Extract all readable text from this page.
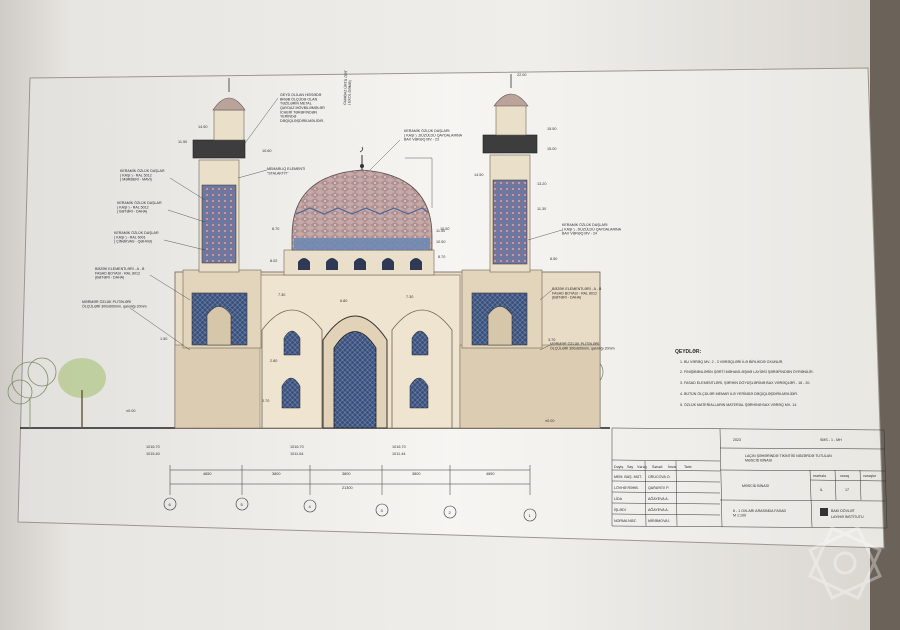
GEYD OLİLAN HİSSƏDƏ BRƏB ÖLÇÜDƏ OLAN TƏZİLƏRİN METAL QAYDAZ MÖVBİLƏMƏLƏR İCHERİ TƏRƏFİNDƏN YERİNDƏ DƏQİQLƏŞDİRİLMƏLİDİR.
GUMBAZ ÜRTÜ ÖRT( EKOL DƏMƏ)
MEMARLIQ ELEMENTİ "STALAKTİT"
KERAMİK ÖZLÜK DAŞLARI ( KAŞI ) ,DÜZÜLDÜ QAYDALARINA BAX VƏRƏQ MV - 23
KERAMİK ÖZLÜK DAŞLAR ( KAŞI ) - RAL 5012 ( MƏRBERİ - MAVİ)
KERAMİK ÖZLÜK DAŞLAR ( KAŞI ) - RAL 5012 ( BƏTƏRİ - DAHA)
KERAMİK ÖZLÜK DAŞLAR ( KAŞI ) - RAL 6001 ( ÇİNƏKVAS - QƏHVƏ)
BƏZƏK ELEMENTLƏRİ - A - B FASAD BOYASI - RAL 8012 (BƏTƏRİ - DAHA)
MƏRMƏR ÖZLÜK PLİTƏLƏRİ ÖLÇÜLƏRİ 300x600mm, qalınlığı 20mm
KERAMİK ÖZLÜK DAŞLARI ( KAŞI ) , DÜZÜLDÜ QAYDALARINA BAX VƏRƏQ MV - 24
BƏZƏK ELEMENTLƏRİ - A - B FASAD BOYASI - RAL 8012 (BƏTƏRİ - DAHA)
MƏRMƏR ÖZLÜK PLİTƏLƏRİ ÖLÇÜLƏRİ 300x600mm, qalınlığı 20mm
14.50
11.50
10.60
8.70
8.02
7.30
1.50
±0.00
22.00
15.50
15.00
14.50
13.20
11.30
10.50
8.50
3.70
±0.00
11.50
10.50
8.70
7.30
6.80
2.80
0.70
1016.70
1015.40
1016.70
1011.64
1016.70
1011.44
4650	3800	3800	3800	4650
21300
6	5	4
3	2
1
QEYDLƏR:
1. BU VƏRƏQ MV- 2 - 3 VƏRƏQLƏRİ İLƏ BİRLİKDƏ OXUNUR.
2. FİNİŞİBƏNLƏRİN ŞƏRTİ MƏHAVİLƏŞMƏ LAYİƏSİ ŞƏRƏFİNDƏN ÖYRƏNİLİR.
3. FASAD ELEMENTLƏRİ, ŞƏRHİN DÖYÜŞLƏRİNƏ BAX VƏRƏQLƏR - 18 - 20.
4. BÜTÜN ÖLÇÜLƏR MEMAR İLƏ YERİNDƏ DƏQİQLƏŞDİRİLMƏLİDİR.
5. ÖZLÜK MATERİALLARIN MATERİAL ŞƏRHİNƏ BAX VƏRƏQ MV- 14.
2023	SMS - 1 - MH
LAÇIN ŞƏHƏRİNDƏ TİKİNTİSİ NƏZƏRDƏ TUTULAN MƏSCİD BİNASI
MƏSCİD BİNASI
mərhələ	vərəq	vərəqlər
İL	17
6 - 1 OXLARI ARASINDA FASAD M 1:100
Dəyiş. Say Vərəq Sənəd İmza Tarix
MEM. BAŞ. MÜT. ORUCOVA O.
LÖVHƏ RƏHB.	QARAYEV P.
LİDA	AĞAYEVA A.
İŞLƏDİ	AĞAYEVA A.
NORMA NƏZ.	MİRƏMOVA İ.
BAKI DÖVLƏT
LAYİHƏ İNSTİTUTU
